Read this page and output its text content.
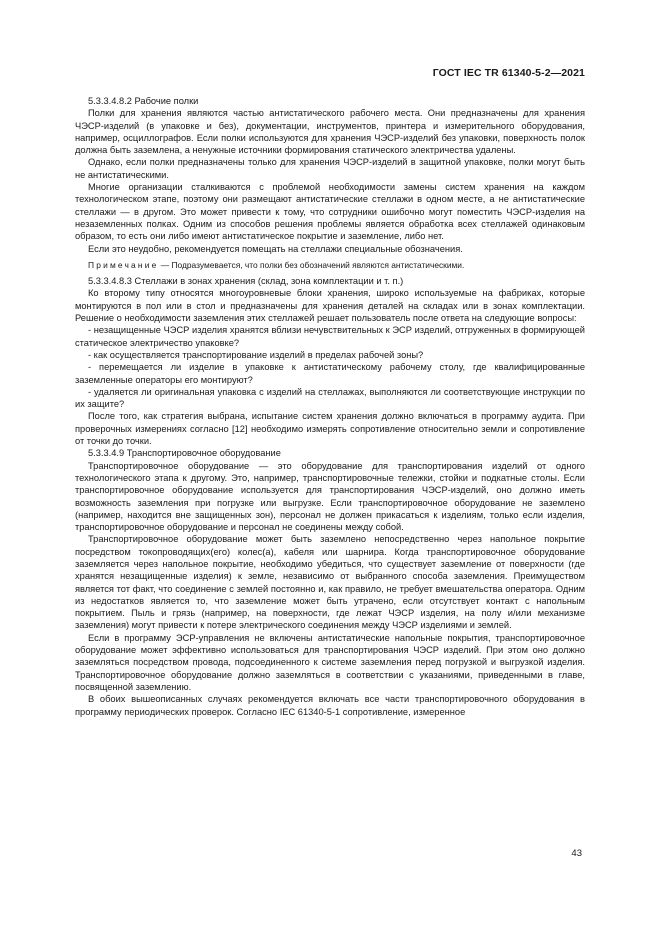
ГОСТ IEC TR 61340-5-2—2021

5.3.3.4.8.2 Рабочие полки

Полки для хранения являются частью антистатического рабочего места. Они предназначены для хранения ЧЭСР-изделий (в упаковке и без), документации, инструментов, принтера и измерительного оборудования, например, осциллографов. Если полки используются для хранения ЧЭСР-изделий без упаковки, поверхность полок должна быть заземлена, а ненужные источники формирования статического электричества удалены.

Однако, если полки предназначены только для хранения ЧЭСР-изделий в защитной упаковке, полки могут быть не антистатическими.

Многие организации сталкиваются с проблемой необходимости замены систем хранения на каждом технологическом этапе, поэтому они размещают антистатические стеллажи в одном месте, а не антистатические стеллажи — в другом. Это может привести к тому, что сотрудники ошибочно могут поместить ЧЭСР-изделия на незаземленных полках. Одним из способов решения проблемы является обработка всех стеллажей одинаковым образом, то есть они либо имеют антистатическое покрытие и заземление, либо нет.

Если это неудобно, рекомендуется помещать на стеллажи специальные обозначения.

Примечание — Подразумевается, что полки без обозначений являются антистатическими.

5.3.3.4.8.3 Стеллажи в зонах хранения (склад, зона комплектации и т. п.)

Ко второму типу относятся многоуровневые блоки хранения, широко используемые на фабриках, которые монтируются в пол или в стол и предназначены для хранения деталей на складах или в зонах комплектации. Решение о необходимости заземления этих стеллажей решает пользователь после ответа на следующие вопросы:

- незащищенные ЧЭСР изделия хранятся вблизи нечувствительных к ЭСР изделий, отгруженных в формирующей статическое электричество упаковке?

- как осуществляется транспортирование изделий в пределах рабочей зоны?

- перемещается ли изделие в упаковке к антистатическому рабочему столу, где квалифицированные заземленные операторы его монтируют?

- удаляется ли оригинальная упаковка с изделий на стеллажах, выполняются ли соответствующие инструкции по их защите?

После того, как стратегия выбрана, испытание систем хранения должно включаться в программу аудита. При проверочных измерениях согласно [12] необходимо измерять сопротивление относительно земли и сопротивление от точки до точки.

5.3.3.4.9 Транспортировочное оборудование

Транспортировочное оборудование — это оборудование для транспортирования изделий от одного технологического этапа к другому. Это, например, транспортировочные тележки, стойки и подкатные столы. Если транспортировочное оборудование используется для транспортирования ЧЭСР-изделий, оно должно иметь возможность заземления при погрузке или выгрузке. Если транспортировочное оборудование не заземлено (например, находится вне защищенных зон), персонал не должен прикасаться к изделиям, только если изделия, транспортировочное оборудование и персонал не соединены между собой.

Транспортировочное оборудование может быть заземлено непосредственно через напольное покрытие посредством токопроводящих(его) колес(а), кабеля или шарнира. Когда транспортировочное оборудование заземляется через напольное покрытие, необходимо убедиться, что существует заземление от поверхности (где хранятся незащищенные изделия) к земле, независимо от выбранного способа заземления. Преимуществом является тот факт, что соединение с землей постоянно и, как правило, не требует вмешательства оператора. Одним из недостатков является то, что заземление может быть утрачено, если отсутствует контакт с напольным покрытием. Пыль и грязь (например, на поверхности, где лежат ЧЭСР изделия, на полу и/или механизме заземления) могут привести к потере электрического соединения между ЧЭСР изделиями и землей.

Если в программу ЭСР-управления не включены антистатические напольные покрытия, транспортировочное оборудование может эффективно использоваться для транспортирования ЧЭСР изделий. При этом оно должно заземляться посредством провода, подсоединенного к системе заземления перед погрузкой и выгрузкой изделия. Транспортировочное оборудование должно заземляться в соответствии с указаниями, приведенными в главе, посвященной заземлению.

В обоих вышеописанных случаях рекомендуется включать все части транспортировочного оборудования в программу периодических проверок. Согласно IEC 61340-5-1 сопротивление, измеренное

43
